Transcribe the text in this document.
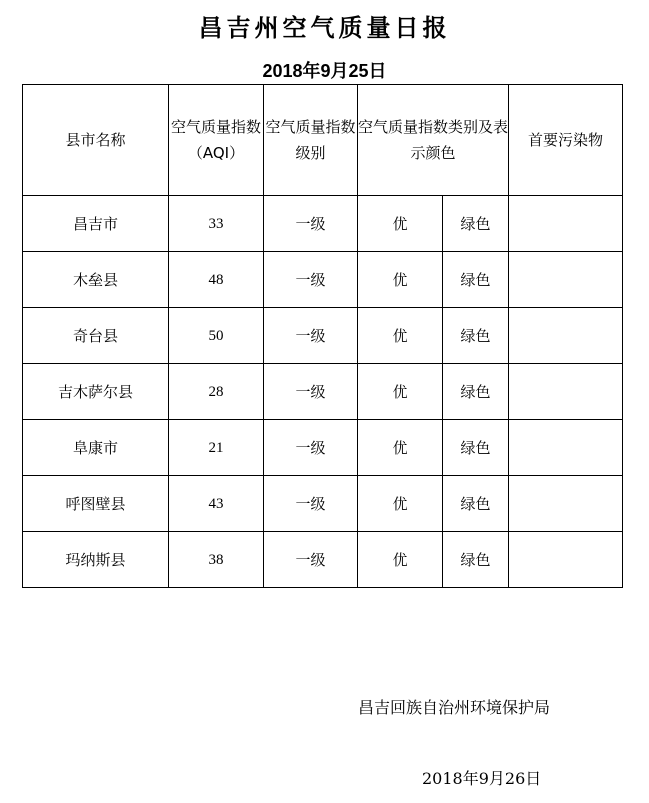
昌吉州空气质量日报
2018年9月25日
县市名称	空气质量指数（AQI）	空气质量指数级别	空气质量指数类别及表示颜色		首要污染物
昌吉市	33	一级	优	绿色	
木垒县	48	一级	优	绿色	
奇台县	50	一级	优	绿色	
吉木萨尔县	28	一级	优	绿色	
阜康市	21	一级	优	绿色	
呼图壁县	43	一级	优	绿色	
玛纳斯县	38	一级	优	绿色	
昌吉回族自治州环境保护局
2018年9月26日
